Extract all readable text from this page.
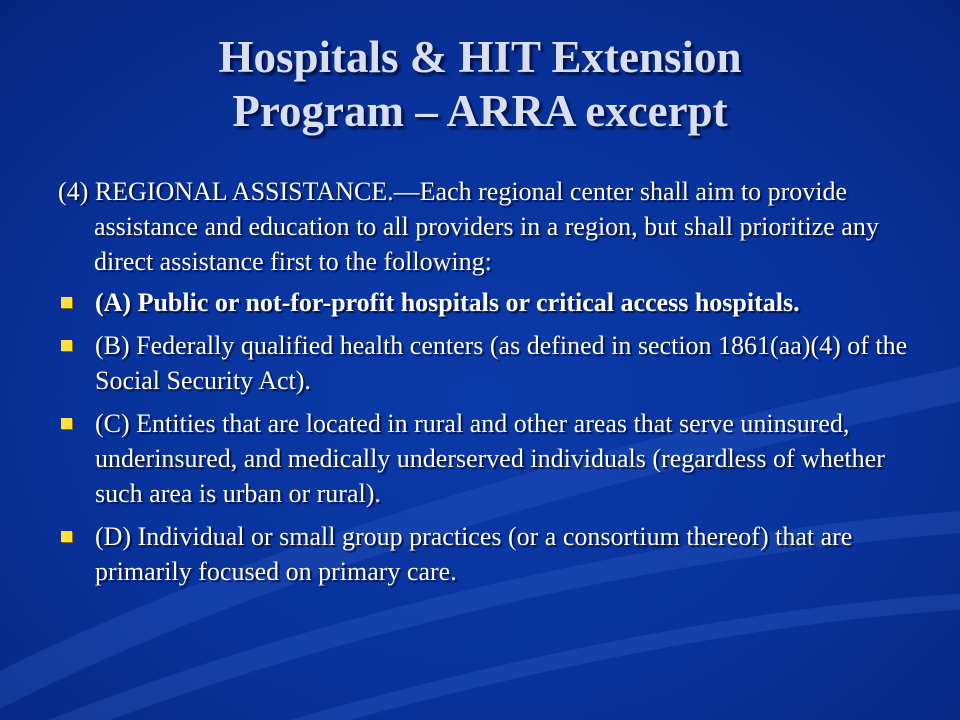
Hospitals & HIT Extension
Program – ARRA excerpt

(4) REGIONAL ASSISTANCE.—Each regional center shall aim to provide assistance and education to all providers in a region, but shall prioritize any direct assistance first to the following:

(A) Public or not-for-profit hospitals or critical access hospitals.
(B) Federally qualified health centers (as defined in section 1861(aa)(4) of the Social Security Act).
(C) Entities that are located in rural and other areas that serve uninsured, underinsured, and medically underserved individuals (regardless of whether such area is urban or rural).
(D) Individual or small group practices (or a consortium thereof) that are primarily focused on primary care.
